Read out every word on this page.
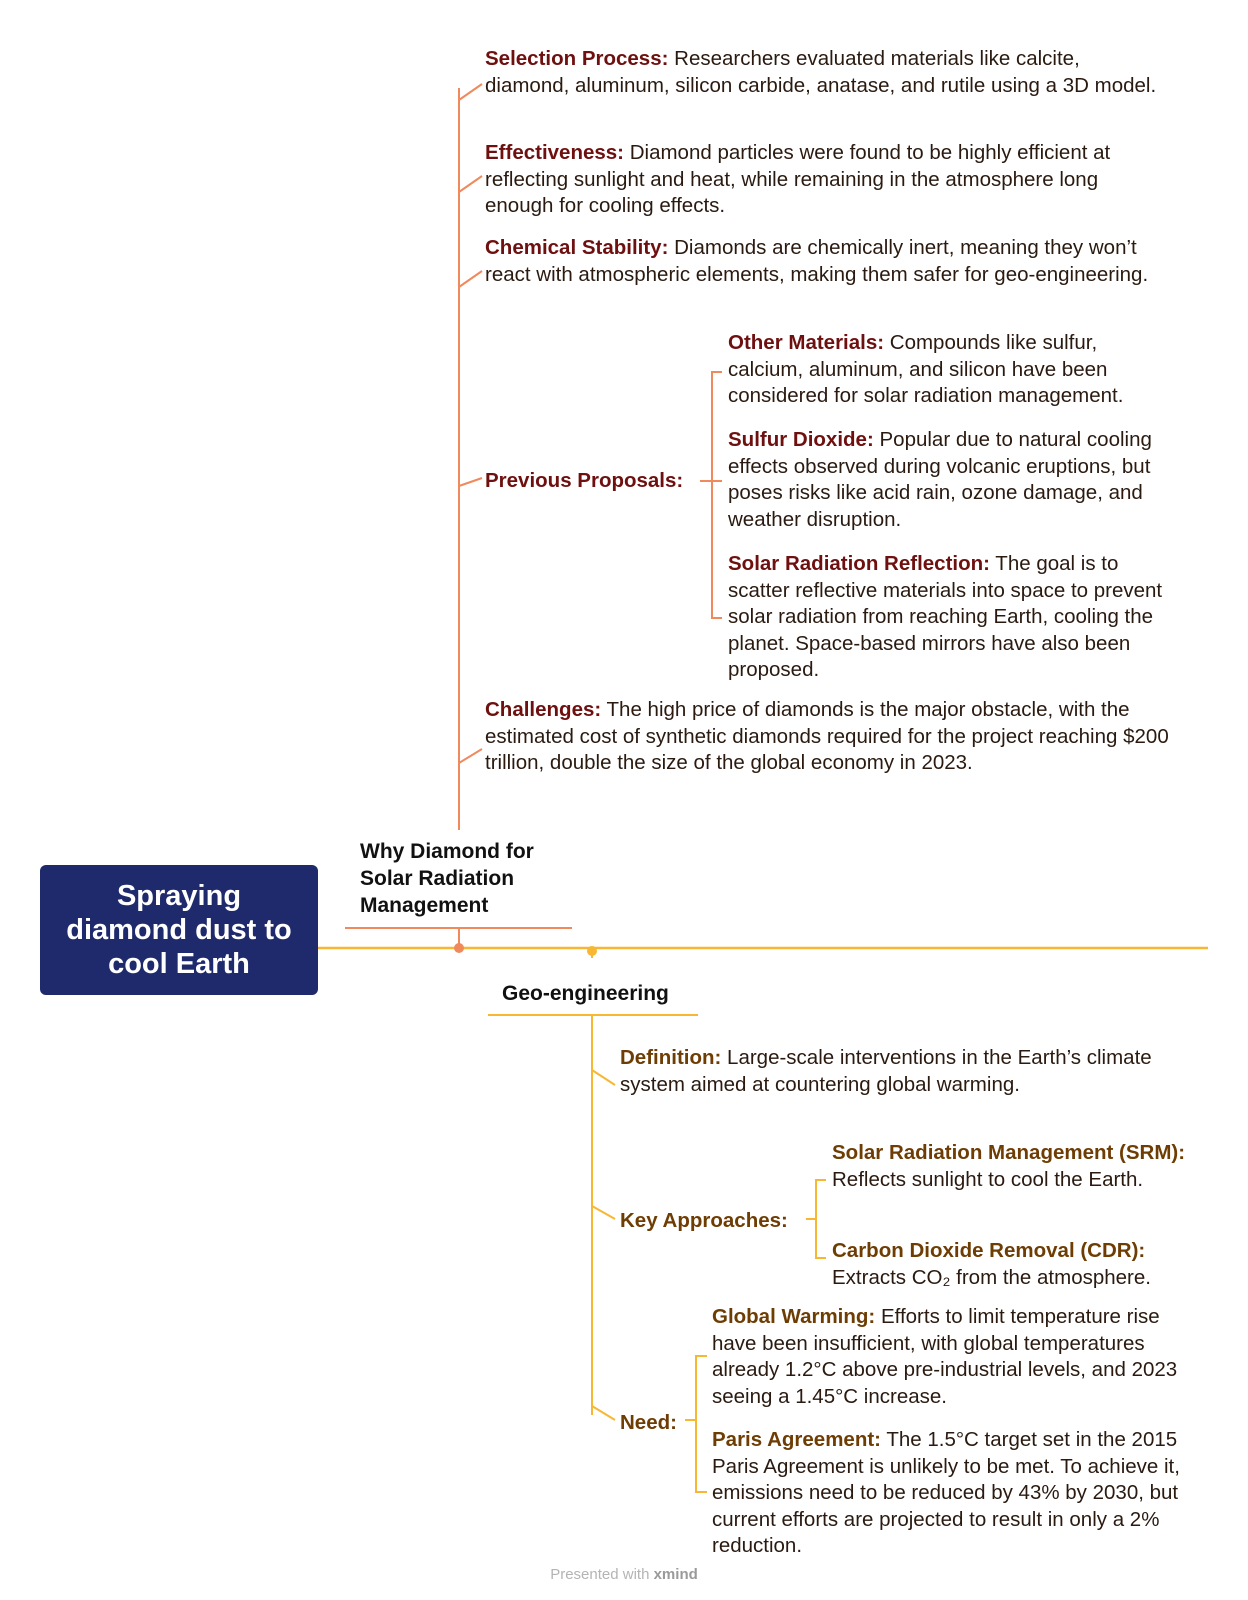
Spraying diamond dust to cool Earth
Why Diamond for Solar Radiation Management
Selection Process: Researchers evaluated materials like calcite, diamond, aluminum, silicon carbide, anatase, and rutile using a 3D model.
Effectiveness: Diamond particles were found to be highly efficient at reflecting sunlight and heat, while remaining in the atmosphere long enough for cooling effects.
Chemical Stability: Diamonds are chemically inert, meaning they won’t react with atmospheric elements, making them safer for geo-engineering.
Previous Proposals:
Other Materials: Compounds like sulfur, calcium, aluminum, and silicon have been considered for solar radiation management.
Sulfur Dioxide: Popular due to natural cooling effects observed during volcanic eruptions, but poses risks like acid rain, ozone damage, and weather disruption.
Solar Radiation Reflection: The goal is to scatter reflective materials into space to prevent solar radiation from reaching Earth, cooling the planet. Space-based mirrors have also been proposed.
Challenges: The high price of diamonds is the major obstacle, with the estimated cost of synthetic diamonds required for the project reaching $200 trillion, double the size of the global economy in 2023.
Geo-engineering
Definition: Large-scale interventions in the Earth’s climate system aimed at countering global warming.
Key Approaches:
Solar Radiation Management (SRM): Reflects sunlight to cool the Earth.
Carbon Dioxide Removal (CDR): Extracts CO₂ from the atmosphere.
Need:
Global Warming: Efforts to limit temperature rise have been insufficient, with global temperatures already 1.2°C above pre-industrial levels, and 2023 seeing a 1.45°C increase.
Paris Agreement: The 1.5°C target set in the 2015 Paris Agreement is unlikely to be met. To achieve it, emissions need to be reduced by 43% by 2030, but current efforts are projected to result in only a 2% reduction.
Presented with xmind
